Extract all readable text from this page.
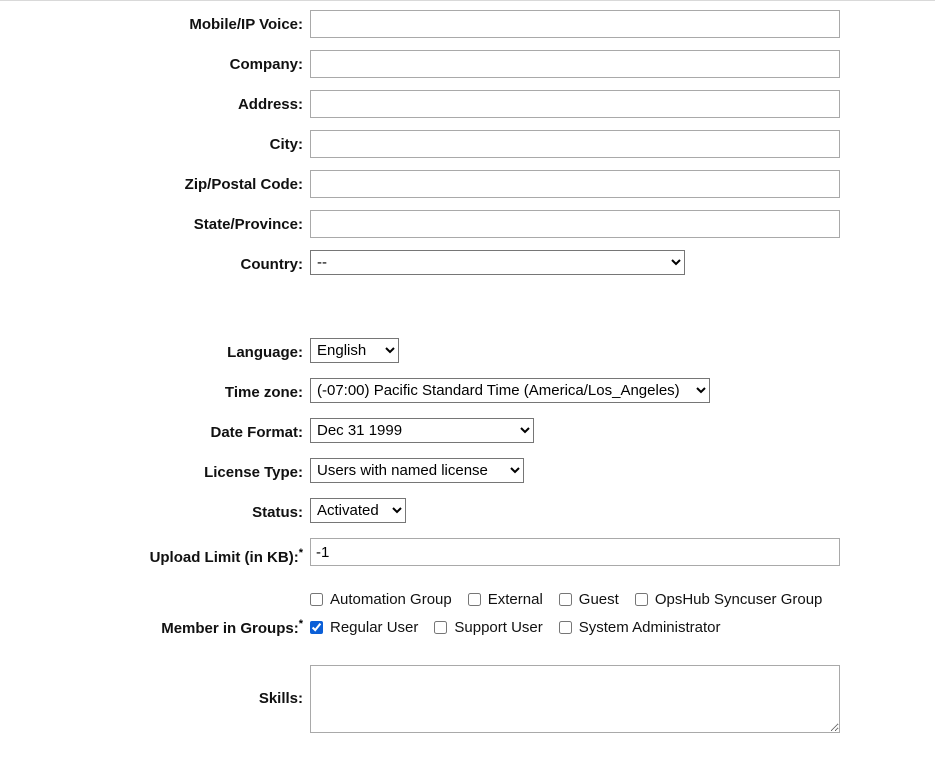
Mobile/IP Voice:
Company:
Address:
City:
Zip/Postal Code:
State/Province:
Country:
--
Language:
English
Time zone:
(-07:00) Pacific Standard Time (America/Los_Angeles)
Date Format:
Dec 31 1999
License Type:
Users with named license
Status:
Activated
Upload Limit (in KB):*
-1
Member in Groups:*
Automation Group External Guest OpsHub Syncuser Group
Regular User Support User System Administrator
Skills:
